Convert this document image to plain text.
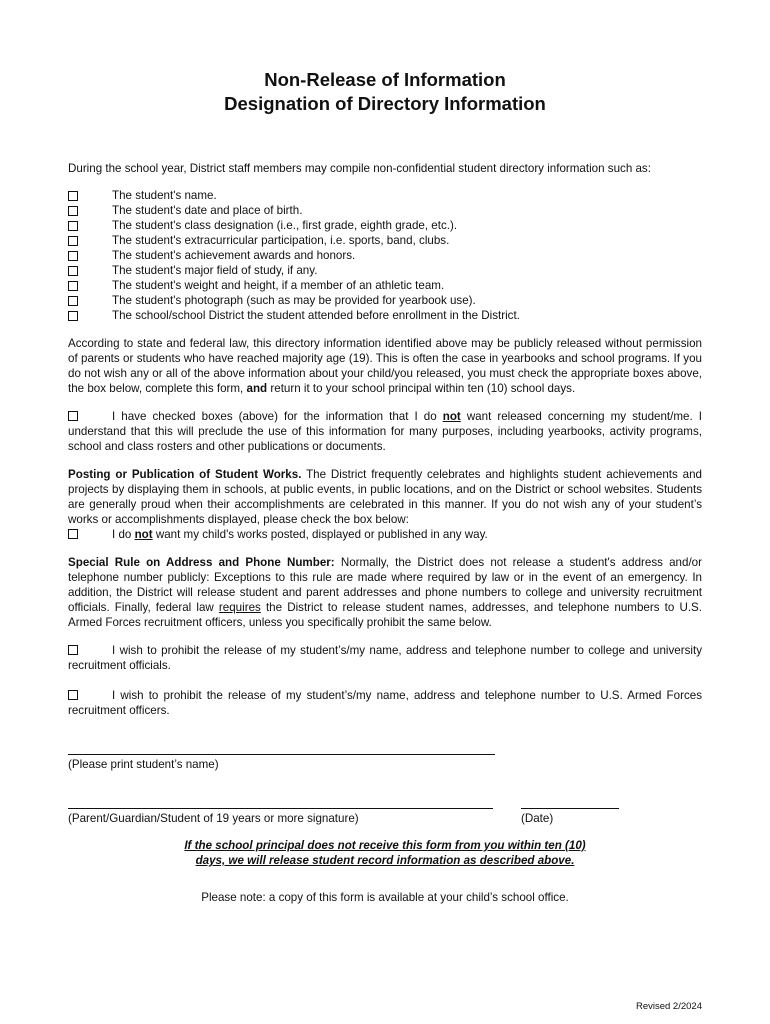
Non-Release of Information
Designation of Directory Information

During the school year, District staff members may compile non-confidential student directory information such as:

The student's name.
The student's date and place of birth.
The student's class designation (i.e., first grade, eighth grade, etc.).
The student's extracurricular participation, i.e. sports, band, clubs.
The student's achievement awards and honors.
The student's major field of study, if any.
The student's weight and height, if a member of an athletic team.
The student's photograph (such as may be provided for yearbook use).
The school/school District the student attended before enrollment in the District.

According to state and federal law, this directory information identified above may be publicly released without permission of parents or students who have reached majority age (19). This is often the case in yearbooks and school programs. If you do not wish any or all of the above information about your child/you released, you must check the appropriate boxes above, the box below, complete this form, and return it to your school principal within ten (10) school days.

I have checked boxes (above) for the information that I do not want released concerning my student/me. I understand that this will preclude the use of this information for many purposes, including yearbooks, activity programs, school and class rosters and other publications or documents.

Posting or Publication of Student Works. The District frequently celebrates and highlights student achievements and projects by displaying them in schools, at public events, in public locations, and on the District or school websites. Students are generally proud when their accomplishments are celebrated in this manner. If you do not wish any of your student’s works or accomplishments displayed, please check the box below:

I do not want my child's works posted, displayed or published in any way.

Special Rule on Address and Phone Number: Normally, the District does not release a student's address and/or telephone number publicly: Exceptions to this rule are made where required by law or in the event of an emergency. In addition, the District will release student and parent addresses and phone numbers to college and university recruitment officials. Finally, federal law requires the District to release student names, addresses, and telephone numbers to U.S. Armed Forces recruitment officers, unless you specifically prohibit the same below.

I wish to prohibit the release of my student’s/my name, address and telephone number to college and university recruitment officials.

I wish to prohibit the release of my student’s/my name, address and telephone number to U.S. Armed Forces recruitment officers.

(Please print student’s name)
(Parent/Guardian/Student of 19 years or more signature)	(Date)
If the school principal does not receive this form from you within ten (10)
days, we will release student record information as described above.
Please note: a copy of this form is available at your child’s school office.
Revised 2/2024
